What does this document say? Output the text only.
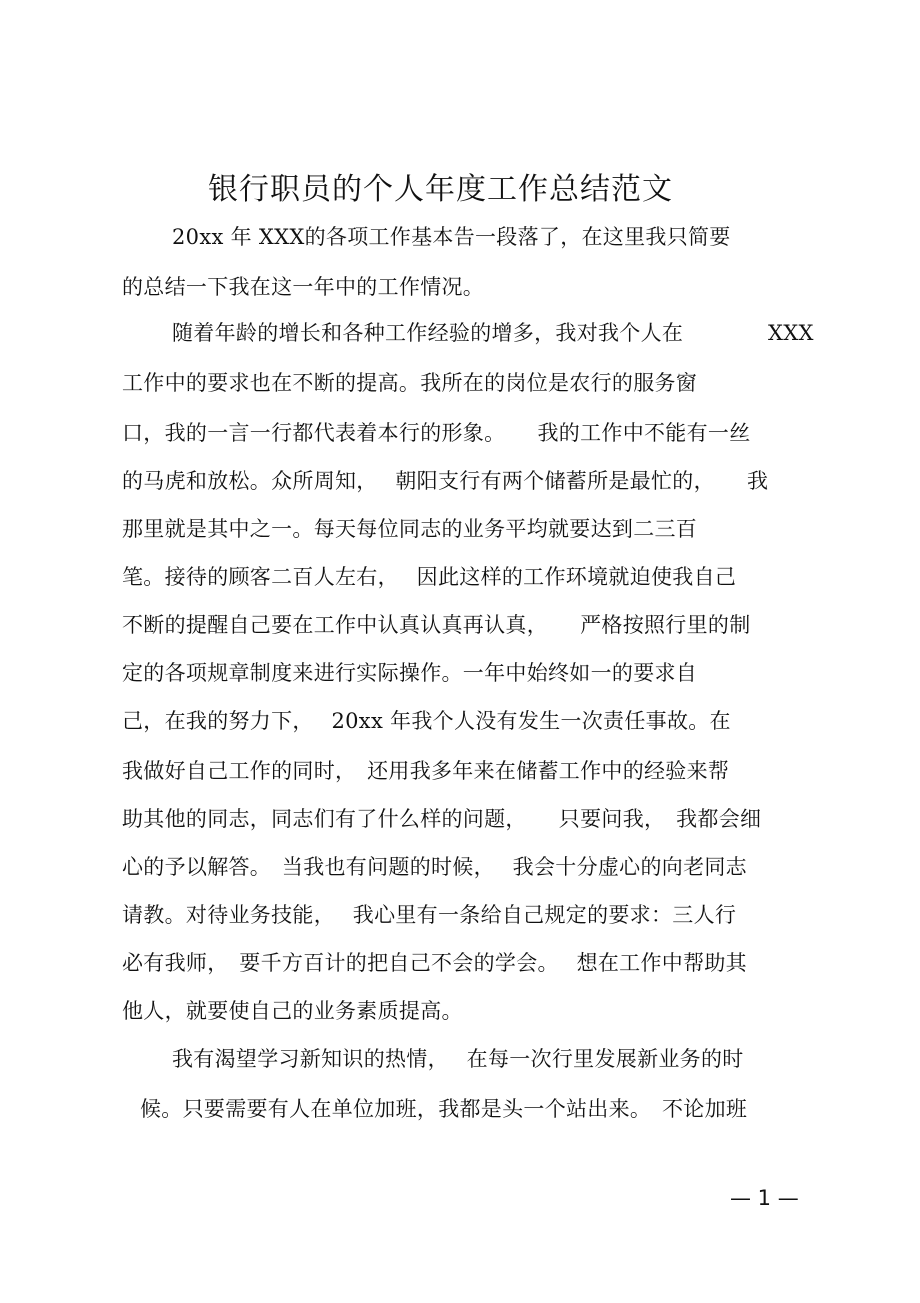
银行职员的个人年度工作总结范文
20xx 年 XXX的各项工作基本告一段落了，在这里我只简要
的总结一下我在这一年中的工作情况。
随着年龄的增长和各种工作经验的增多，我对我个人在	XXX
工作中的要求也在不断的提高。我所在的岗位是农行的服务窗
口，我的一言一行都代表着本行的形象。　　我的工作中不能有一丝
的马虎和放松。众所周知，　 朝阳支行有两个储蓄所是最忙的，　　我
那里就是其中之一。每天每位同志的业务平均就要达到二三百
笔。接待的顾客二百人左右，　 因此这样的工作环境就迫使我自己
不断的提醒自己要在工作中认真认真再认真，　　严格按照行里的制
定的各项规章制度来进行实际操作。一年中始终如一的要求自
己，在我的努力下，　 20xx 年我个人没有发生一次责任事故。在
我做好自己工作的同时，　还用我多年来在储蓄工作中的经验来帮
助其他的同志，同志们有了什么样的问题，　　只要问我，　我都会细
心的予以解答。　当我也有问题的时候，　 我会十分虚心的向老同志
请教。对待业务技能，　 我心里有一条给自己规定的要求：三人行
必有我师，　要千方百计的把自己不会的学会。　 想在工作中帮助其
他人，就要使自己的业务素质提高。
我有渴望学习新知识的热情，　 在每一次行里发展新业务的时
候。只要需要有人在单位加班，我都是头一个站出来。　不论加班
— 1 —
